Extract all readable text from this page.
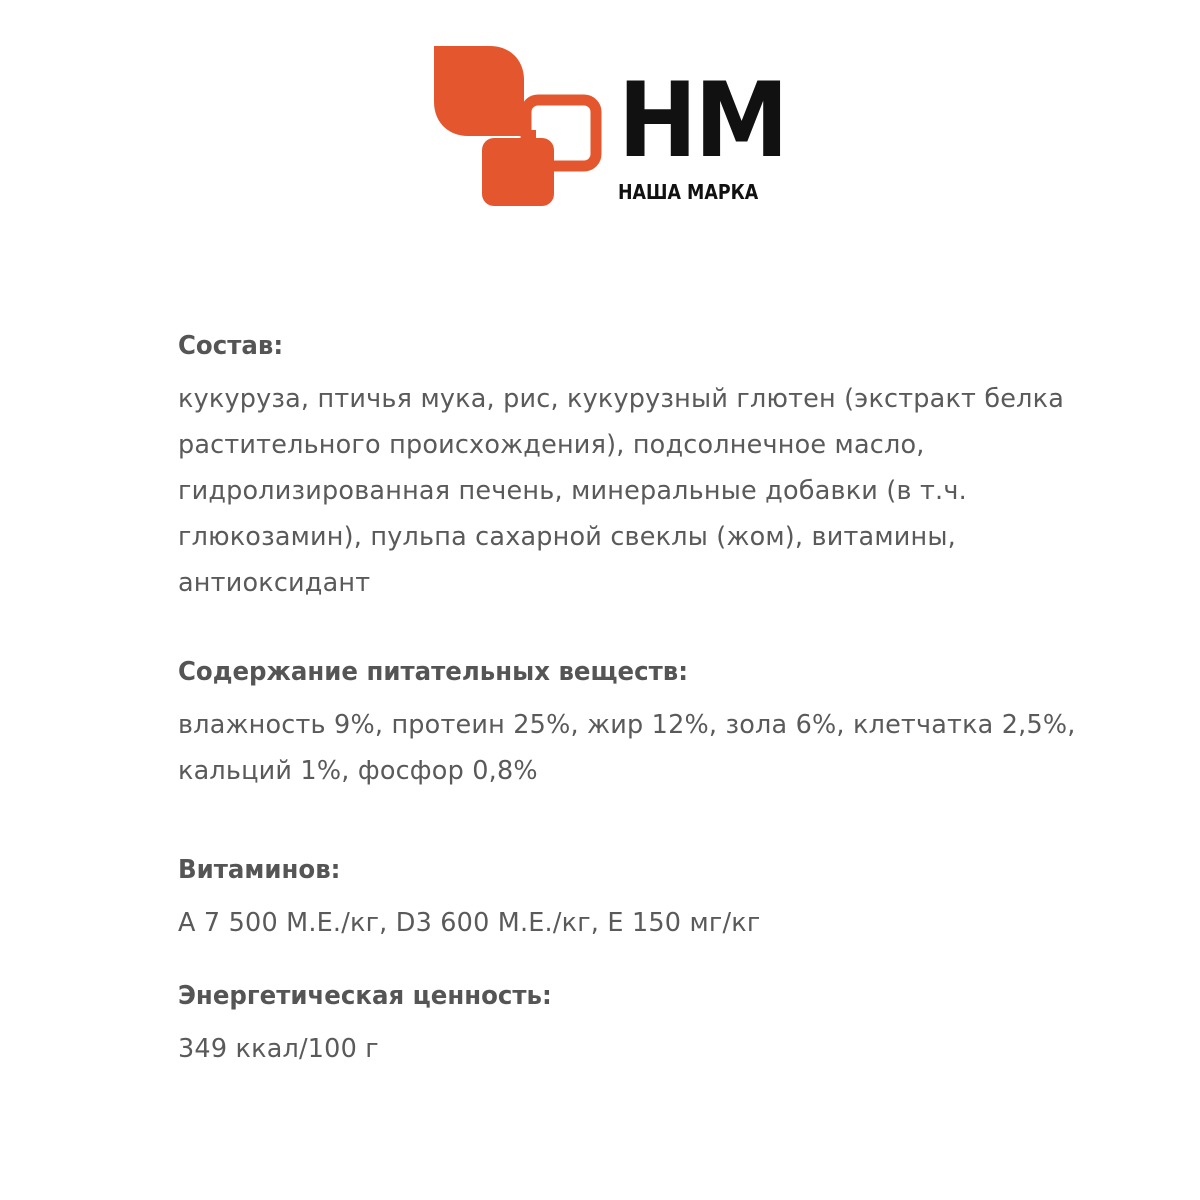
НМ
НАША МАРКА

Состав:

кукуруза, птичья мука, рис, кукурузный глютен (экстракт белка растительного происхождения), подсолнечное масло, гидролизированная печень, минеральные добавки (в т.ч. глюкозамин), пульпа сахарной свеклы (жом), витамины, антиоксидант

Содержание питательных веществ:

влажность 9%, протеин 25%, жир 12%, зола 6%, клетчатка 2,5%, кальций 1%, фосфор 0,8%

Витаминов:

A 7 500 М.Е./кг, D3 600 М.Е./кг, E 150 мг/кг

Энергетическая ценность:

349 ккал/100 г
